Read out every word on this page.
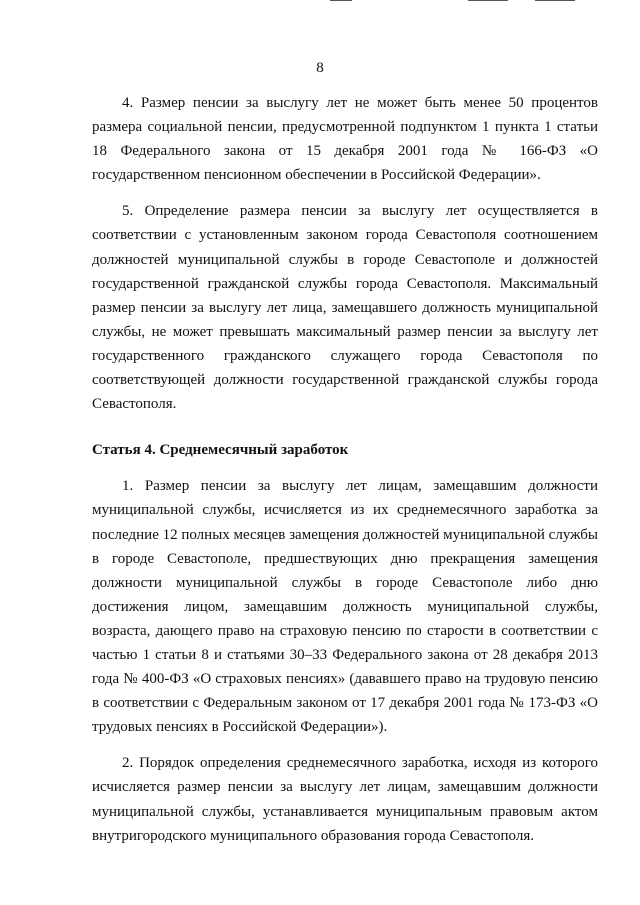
8

4. Размер пенсии за выслугу лет не может быть менее 50 процентов размера социальной пенсии, предусмотренной подпунктом 1 пункта 1 статьи 18 Федерального закона от 15 декабря 2001 года № 166-ФЗ «О государственном пенсионном обеспечении в Российской Федерации».

5. Определение размера пенсии за выслугу лет осуществляется в соответствии с установленным законом города Севастополя соотношением должностей муниципальной службы в городе Севастополе и должностей государственной гражданской службы города Севастополя. Максимальный размер пенсии за выслугу лет лица, замещавшего должность муниципальной службы, не может превышать максимальный размер пенсии за выслугу лет государственного гражданского служащего города Севастополя по соответствующей должности государственной гражданской службы города Севастополя.

Статья 4. Среднемесячный заработок

1. Размер пенсии за выслугу лет лицам, замещавшим должности муниципальной службы, исчисляется из их среднемесячного заработка за последние 12 полных месяцев замещения должностей муниципальной службы в городе Севастополе, предшествующих дню прекращения замещения должности муниципальной службы в городе Севастополе либо дню достижения лицом, замещавшим должность муниципальной службы, возраста, дающего право на страховую пенсию по старости в соответствии с частью 1 статьи 8 и статьями 30–33 Федерального закона от 28 декабря 2013 года № 400-ФЗ «О страховых пенсиях» (дававшего право на трудовую пенсию в соответствии с Федеральным законом от 17 декабря 2001 года № 173-ФЗ «О трудовых пенсиях в Российской Федерации»).

2. Порядок определения среднемесячного заработка, исходя из которого исчисляется размер пенсии за выслугу лет лицам, замещавшим должности муниципальной службы, устанавливается муниципальным правовым актом внутригородского муниципального образования города Севастополя.
